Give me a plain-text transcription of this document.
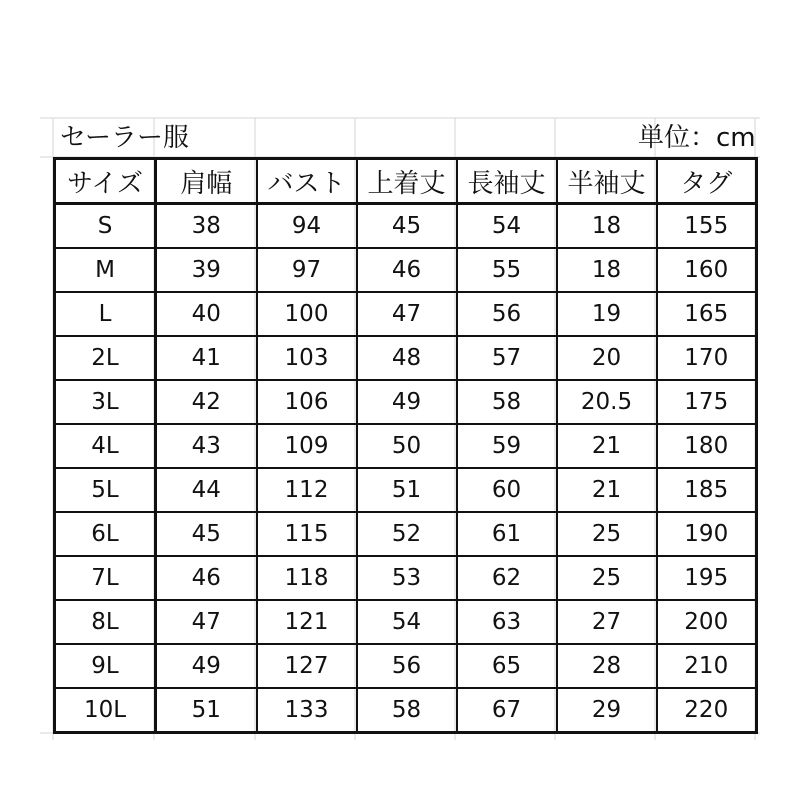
セーラー服	単位：cm
サイズ	肩幅	バスト	上着丈	長袖丈	半袖丈	タグ
S	38	94	45	54	18	155
M	39	97	46	55	18	160
L	40	100	47	56	19	165
2L	41	103	48	57	20	170
3L	42	106	49	58	20.5	175
4L	43	109	50	59	21	180
5L	44	112	51	60	21	185
6L	45	115	52	61	25	190
7L	46	118	53	62	25	195
8L	47	121	54	63	27	200
9L	49	127	56	65	28	210
10L	51	133	58	67	29	220
